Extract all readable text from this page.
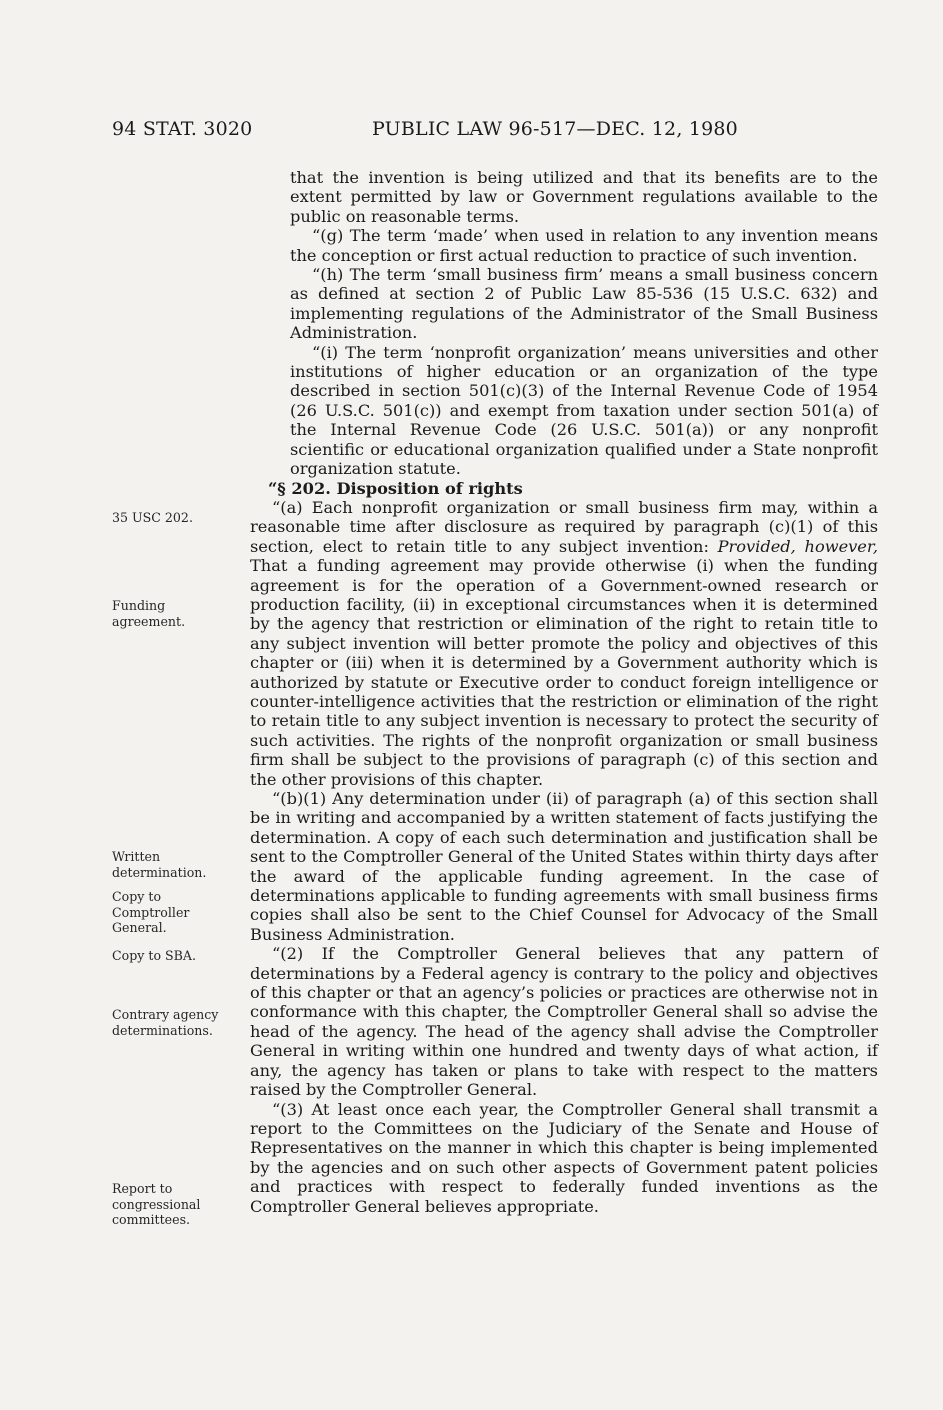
94 STAT. 3020	PUBLIC LAW 96-517—DEC. 12, 1980
35 USC 202.
Funding
agreement.
Written
determination.
Copy to
Comptroller
General.
Copy to SBA.
Contrary agency
determinations.
Report to
congressional
committees.

that the invention is being utilized and that its benefits are to the extent permitted by law or Government regulations available to the public on reasonable terms.

“(g) The term ‘made’ when used in relation to any invention means the conception or first actual reduction to practice of such invention.

“(h) The term ‘small business firm’ means a small business concern as defined at section 2 of Public Law 85-536 (15 U.S.C. 632) and implementing regulations of the Administrator of the Small Business Administration.

“(i) The term ‘nonprofit organization’ means universities and other institutions of higher education or an organization of the type described in section 501(c)(3) of the Internal Revenue Code of 1954 (26 U.S.C. 501(c)) and exempt from taxation under section 501(a) of the Internal Revenue Code (26 U.S.C. 501(a)) or any nonprofit scientific or educational organization qualified under a State nonprofit organization statute.

“§ 202. Disposition of rights

“(a) Each nonprofit organization or small business firm may, within a reasonable time after disclosure as required by paragraph (c)(1) of this section, elect to retain title to any subject invention: Provided, however, That a funding agreement may provide otherwise (i) when the funding agreement is for the operation of a Government-owned research or production facility, (ii) in exceptional circumstances when it is determined by the agency that restriction or elimination of the right to retain title to any subject invention will better promote the policy and objectives of this chapter or (iii) when it is determined by a Government authority which is authorized by statute or Executive order to conduct foreign intelligence or counter-intelligence activities that the restriction or elimination of the right to retain title to any subject invention is necessary to protect the security of such activities. The rights of the nonprofit organization or small business firm shall be subject to the provisions of paragraph (c) of this section and the other provisions of this chapter.

“(b)(1) Any determination under (ii) of paragraph (a) of this section shall be in writing and accompanied by a written statement of facts justifying the determination. A copy of each such determination and justification shall be sent to the Comptroller General of the United States within thirty days after the award of the applicable funding agreement. In the case of determinations applicable to funding agreements with small business firms copies shall also be sent to the Chief Counsel for Advocacy of the Small Business Administration.

“(2) If the Comptroller General believes that any pattern of determinations by a Federal agency is contrary to the policy and objectives of this chapter or that an agency’s policies or practices are otherwise not in conformance with this chapter, the Comptroller General shall so advise the head of the agency. The head of the agency shall advise the Comptroller General in writing within one hundred and twenty days of what action, if any, the agency has taken or plans to take with respect to the matters raised by the Comptroller General.

“(3) At least once each year, the Comptroller General shall transmit a report to the Committees on the Judiciary of the Senate and House of Representatives on the manner in which this chapter is being implemented by the agencies and on such other aspects of Government patent policies and practices with respect to federally funded inventions as the Comptroller General believes appropriate.
